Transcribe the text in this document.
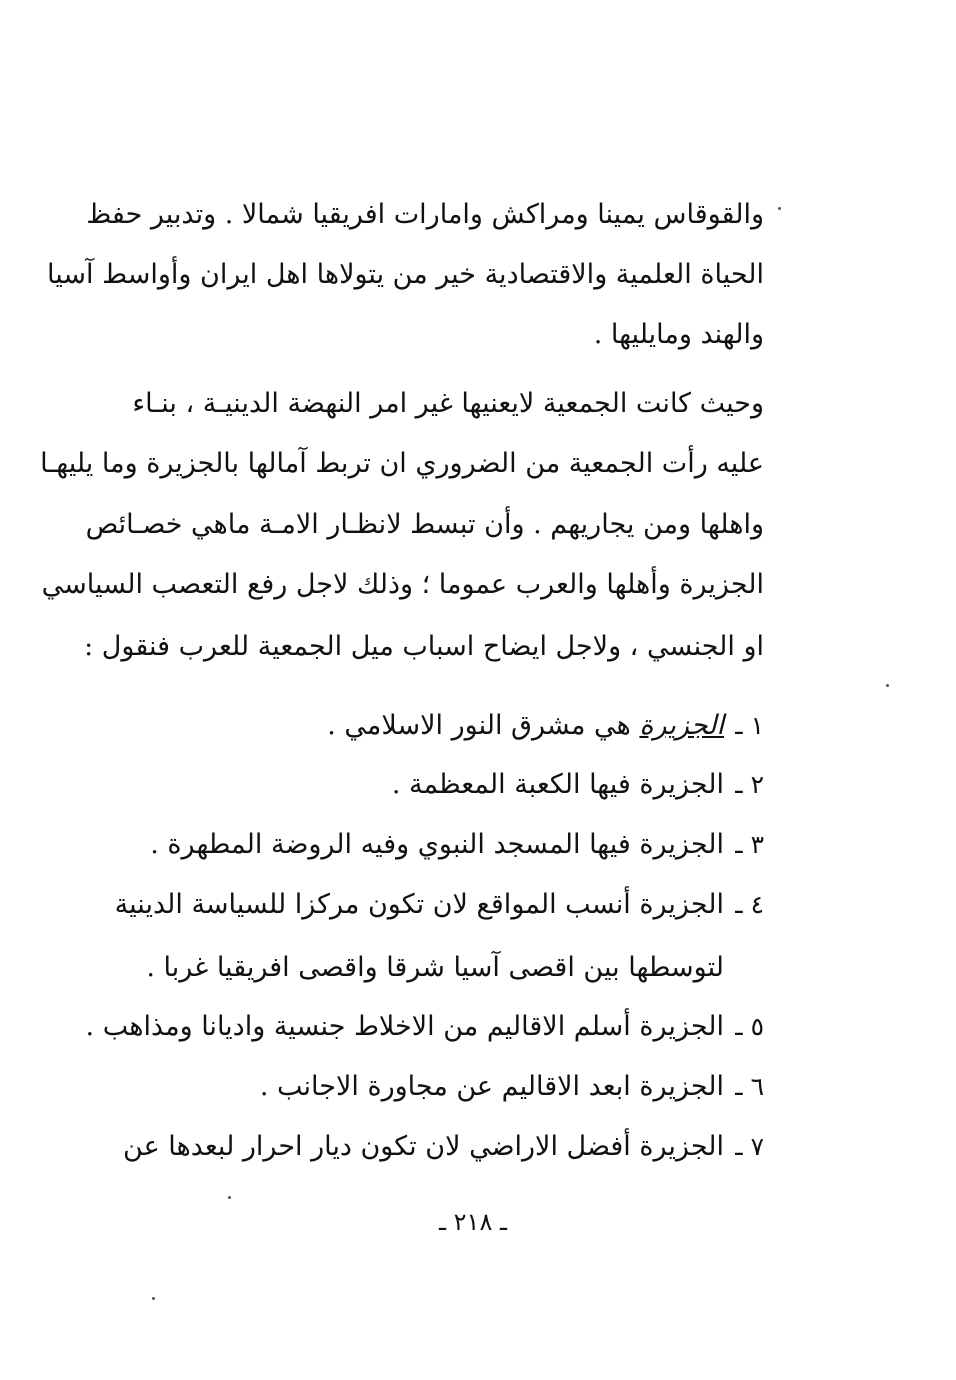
والقوقاس يمينا ومراكش وامارات افريقيا شمالا . وتدبير حفظ
الحياة العلمية والاقتصادية خير من يتولاها اهل ايران وأواسط آسيا
والهند ومايليها .
وحيث كانت الجمعية لايعنيها غير امر النهضة الدينيـة ، بنـاء
عليه رأت الجمعية من الضروري ان تربط آمالها بالجزيرة وما يليهـا
واهلها ومن يجاريهم . وأن تبسط لانظـار الامـة ماهي خصـائص
الجزيرة وأهلها والعرب عموما ؛ وذلك لاجل رفع التعصب السياسي
او الجنسي ، ولاجل ايضاح اسباب ميل الجمعية للعرب فنقول :
١ ـ
الجزيرة هي مشرق النور الاسلامي .
٢ ـ
الجزيرة فيها الكعبة المعظمة .
٣ ـ
الجزيرة فيها المسجد النبوي وفيه الروضة المطهرة .
٤ ـ
الجزيرة أنسب المواقع لان تكون مركزا للسياسة الدينية
لتوسطها بين اقصى آسيا شرقا واقصى افريقيا غربا .
٥ ـ
الجزيرة أسلم الاقاليم من الاخلاط جنسية واديانا ومذاهب .
٦ ـ
الجزيرة ابعد الاقاليم عن مجاورة الاجانب .
٧ ـ
الجزيرة أفضل الاراضي لان تكون ديار احرار لبعدها عن
ـ ٢١٨ ـ
